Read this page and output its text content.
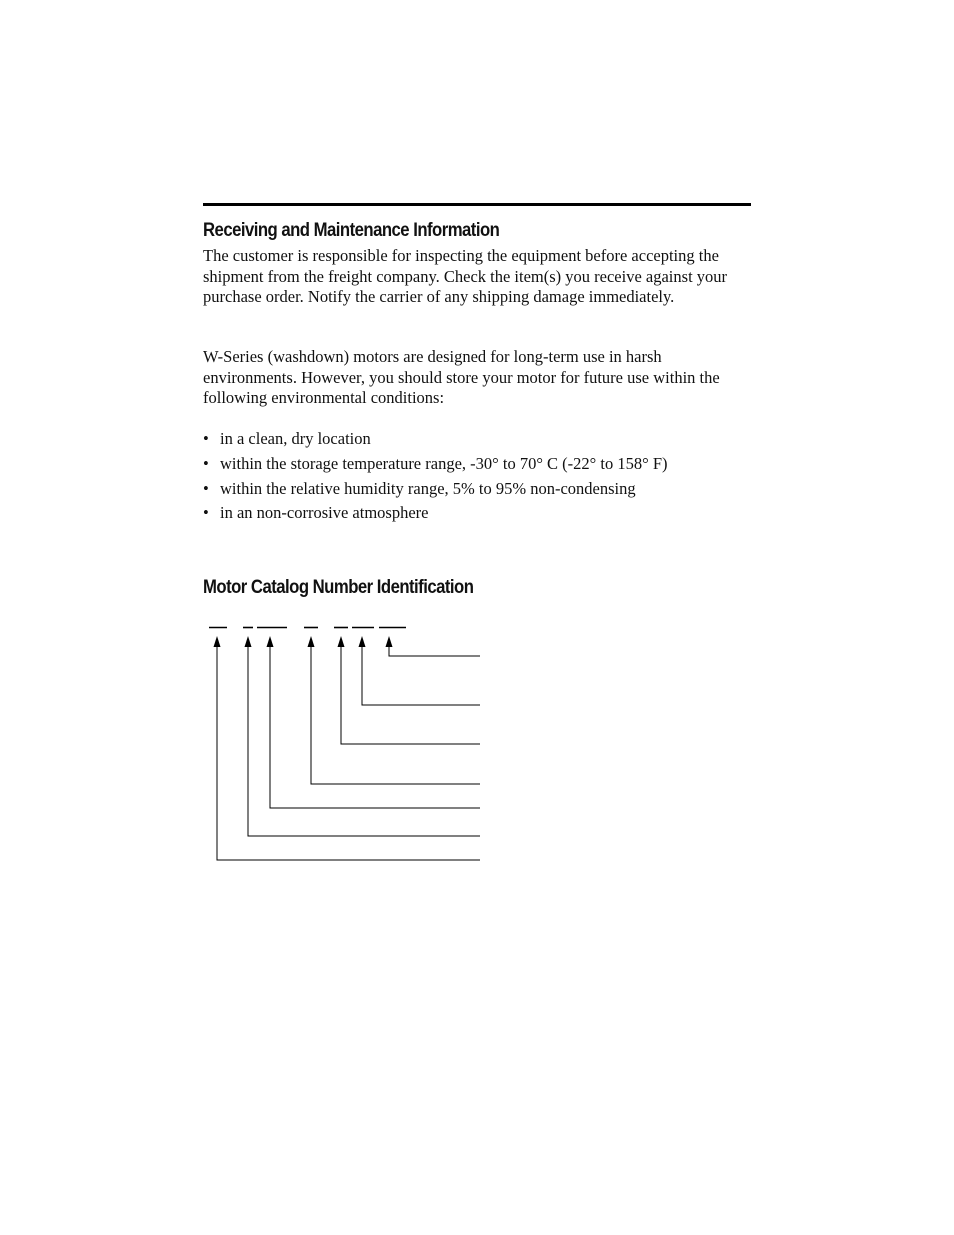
Receiving and Maintenance Information

The customer is responsible for inspecting the equipment before accepting the shipment from the freight company. Check the item(s) you receive against your purchase order. Notify the carrier of any shipping damage immediately.

W-Series (washdown) motors are designed for long-term use in harsh environments. However, you should store your motor for future use within the following environmental conditions:

• in a clean, dry location
• within the storage temperature range, -30° to 70° C (-22° to 158° F)
• within the relative humidity range, 5% to 95% non-condensing
• in an non-corrosive atmosphere
Motor Catalog Number Identification
